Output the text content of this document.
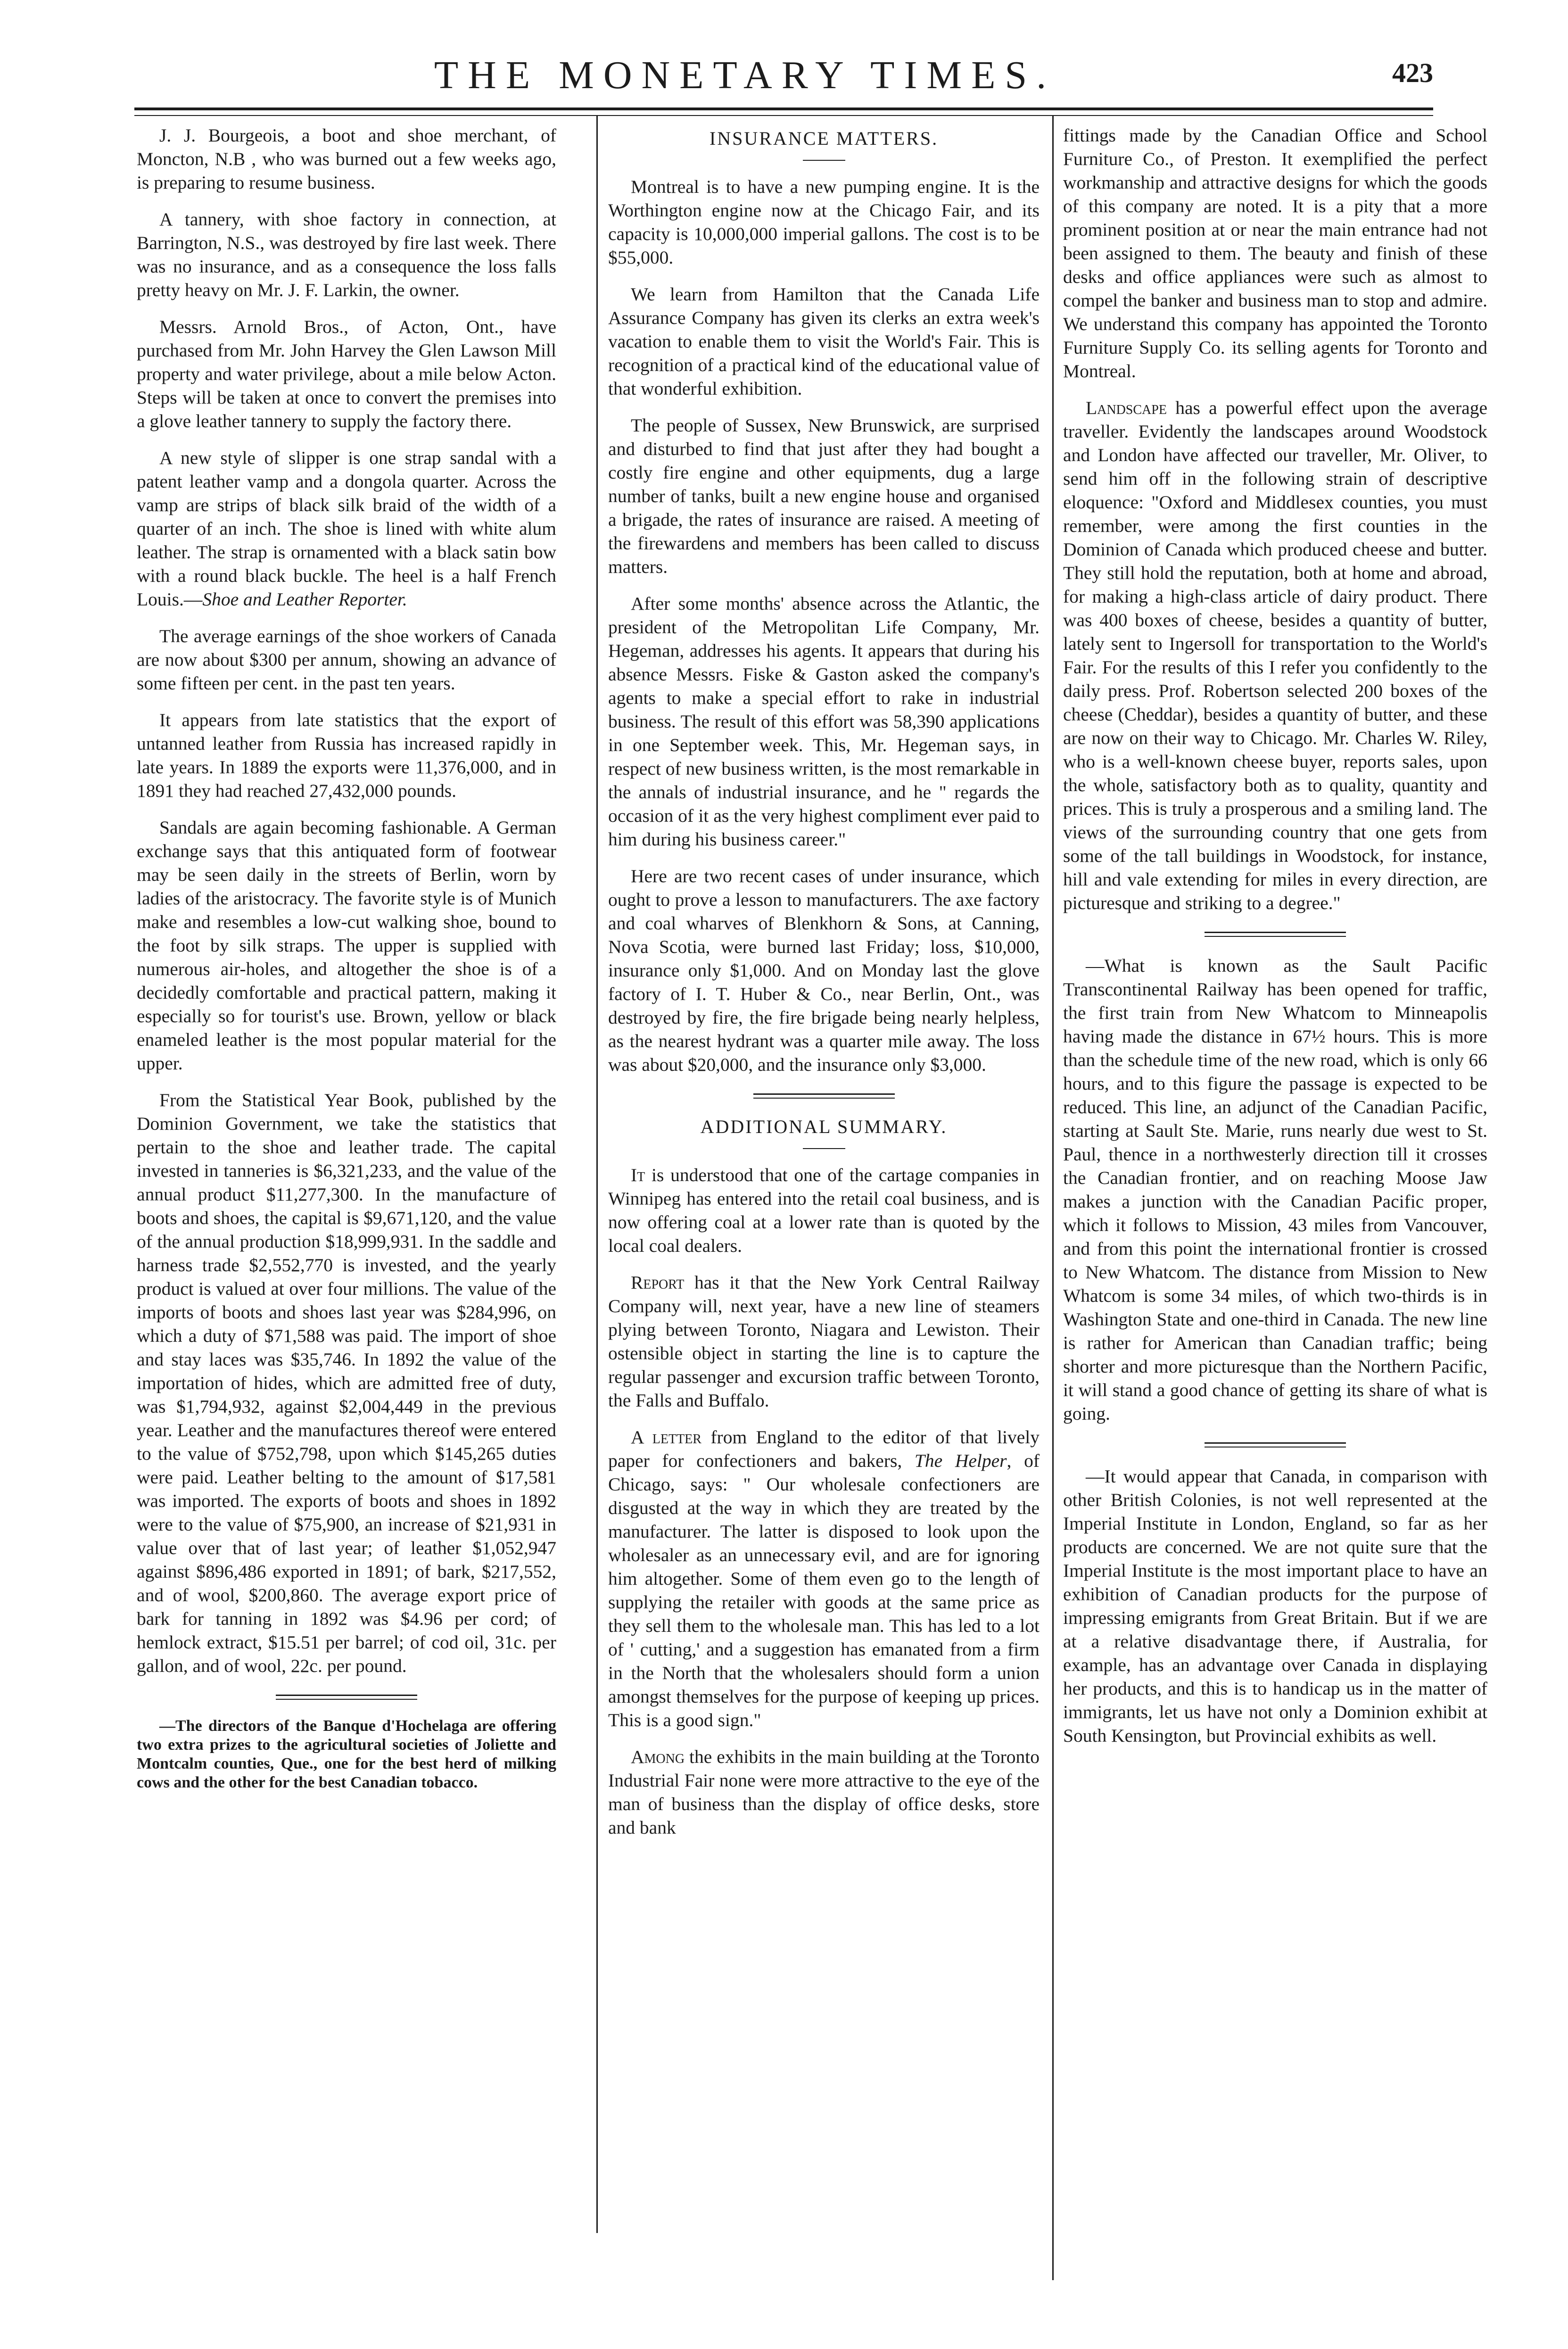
THE MONETARY TIMES.	423

J. J. Bourgeois, a boot and shoe merchant, of Moncton, N.B , who was burned out a few weeks ago, is preparing to resume business.

A tannery, with shoe factory in connection, at Barrington, N.S., was destroyed by fire last week. There was no insurance, and as a consequence the loss falls pretty heavy on Mr. J. F. Larkin, the owner.

Messrs. Arnold Bros., of Acton, Ont., have purchased from Mr. John Harvey the Glen Lawson Mill property and water privilege, about a mile below Acton. Steps will be taken at once to convert the premises into a glove leather tannery to supply the factory there.

A new style of slipper is one strap sandal with a patent leather vamp and a dongola quarter. Across the vamp are strips of black silk braid of the width of a quarter of an inch. The shoe is lined with white alum leather. The strap is ornamented with a black satin bow with a round black buckle. The heel is a half French Louis.—Shoe and Leather Reporter.

The average earnings of the shoe workers of Canada are now about $300 per annum, showing an advance of some fifteen per cent. in the past ten years.

It appears from late statistics that the export of untanned leather from Russia has increased rapidly in late years. In 1889 the exports were 11,376,000, and in 1891 they had reached 27,432,000 pounds.

Sandals are again becoming fashionable. A German exchange says that this antiquated form of footwear may be seen daily in the streets of Berlin, worn by ladies of the aristocracy. The favorite style is of Munich make and resembles a low-cut walking shoe, bound to the foot by silk straps. The upper is supplied with numerous air-holes, and altogether the shoe is of a decidedly comfortable and practical pattern, making it especially so for tourist's use. Brown, yellow or black enameled leather is the most popular material for the upper.

From the Statistical Year Book, published by the Dominion Government, we take the statistics that pertain to the shoe and leather trade. The capital invested in tanneries is $6,321,233, and the value of the annual product $11,277,300. In the manufacture of boots and shoes, the capital is $9,671,120, and the value of the annual production $18,999,931. In the saddle and harness trade $2,552,770 is invested, and the yearly product is valued at over four millions. The value of the imports of boots and shoes last year was $284,996, on which a duty of $71,588 was paid. The import of shoe and stay laces was $35,746. In 1892 the value of the importation of hides, which are admitted free of duty, was $1,794,932, against $2,004,449 in the previous year. Leather and the manufactures thereof were entered to the value of $752,798, upon which $145,265 duties were paid. Leather belting to the amount of $17,581 was imported. The exports of boots and shoes in 1892 were to the value of $75,900, an increase of $21,931 in value over that of last year; of leather $1,052,947 against $896,486 exported in 1891; of bark, $217,552, and of wool, $200,860. The average export price of bark for tanning in 1892 was $4.96 per cord; of hemlock extract, $15.51 per barrel; of cod oil, 31c. per gallon, and of wool, 22c. per pound.

—The directors of the Banque d'Hochelaga are offering two extra prizes to the agricultural societies of Joliette and Montcalm counties, Que., one for the best herd of milking cows and the other for the best Canadian tobacco.

INSURANCE MATTERS.

Montreal is to have a new pumping engine. It is the Worthington engine now at the Chicago Fair, and its capacity is 10,000,000 imperial gallons. The cost is to be $55,000.

We learn from Hamilton that the Canada Life Assurance Company has given its clerks an extra week's vacation to enable them to visit the World's Fair. This is recognition of a practical kind of the educational value of that wonderful exhibition.

The people of Sussex, New Brunswick, are surprised and disturbed to find that just after they had bought a costly fire engine and other equipments, dug a large number of tanks, built a new engine house and organised a brigade, the rates of insurance are raised. A meeting of the firewardens and members has been called to discuss matters.

After some months' absence across the Atlantic, the president of the Metropolitan Life Company, Mr. Hegeman, addresses his agents. It appears that during his absence Messrs. Fiske & Gaston asked the company's agents to make a special effort to rake in industrial business. The result of this effort was 58,390 applications in one September week. This, Mr. Hegeman says, in respect of new business written, is the most remarkable in the annals of industrial insurance, and he " regards the occasion of it as the very highest compliment ever paid to him during his business career."

Here are two recent cases of under insurance, which ought to prove a lesson to manufacturers. The axe factory and coal wharves of Blenkhorn & Sons, at Canning, Nova Scotia, were burned last Friday; loss, $10,000, insurance only $1,000. And on Monday last the glove factory of I. T. Huber & Co., near Berlin, Ont., was destroyed by fire, the fire brigade being nearly helpless, as the nearest hydrant was a quarter mile away. The loss was about $20,000, and the insurance only $3,000.

ADDITIONAL SUMMARY.

It is understood that one of the cartage companies in Winnipeg has entered into the retail coal business, and is now offering coal at a lower rate than is quoted by the local coal dealers.

Report has it that the New York Central Railway Company will, next year, have a new line of steamers plying between Toronto, Niagara and Lewiston. Their ostensible object in starting the line is to capture the regular passenger and excursion traffic between Toronto, the Falls and Buffalo.

A letter from England to the editor of that lively paper for confectioners and bakers, The Helper, of Chicago, says: " Our wholesale confectioners are disgusted at the way in which they are treated by the manufacturer. The latter is disposed to look upon the wholesaler as an unnecessary evil, and are for ignoring him altogether. Some of them even go to the length of supplying the retailer with goods at the same price as they sell them to the wholesale man. This has led to a lot of ' cutting,' and a suggestion has emanated from a firm in the North that the wholesalers should form a union amongst themselves for the purpose of keeping up prices. This is a good sign."

Among the exhibits in the main building at the Toronto Industrial Fair none were more attractive to the eye of the man of business than the display of office desks, store and bank

fittings made by the Canadian Office and School Furniture Co., of Preston. It exemplified the perfect workmanship and attractive designs for which the goods of this company are noted. It is a pity that a more prominent position at or near the main entrance had not been assigned to them. The beauty and finish of these desks and office appliances were such as almost to compel the banker and business man to stop and admire. We understand this company has appointed the Toronto Furniture Supply Co. its selling agents for Toronto and Montreal.

Landscape has a powerful effect upon the average traveller. Evidently the landscapes around Woodstock and London have affected our traveller, Mr. Oliver, to send him off in the following strain of descriptive eloquence: "Oxford and Middlesex counties, you must remember, were among the first counties in the Dominion of Canada which produced cheese and butter. They still hold the reputation, both at home and abroad, for making a high-class article of dairy product. There was 400 boxes of cheese, besides a quantity of butter, lately sent to Ingersoll for transportation to the World's Fair. For the results of this I refer you confidently to the daily press. Prof. Robertson selected 200 boxes of the cheese (Cheddar), besides a quantity of butter, and these are now on their way to Chicago. Mr. Charles W. Riley, who is a well-known cheese buyer, reports sales, upon the whole, satisfactory both as to quality, quantity and prices. This is truly a prosperous and a smiling land. The views of the surrounding country that one gets from some of the tall buildings in Woodstock, for instance, hill and vale extending for miles in every direction, are picturesque and striking to a degree."

—What is known as the Sault Pacific Transcontinental Railway has been opened for traffic, the first train from New Whatcom to Minneapolis having made the distance in 67½ hours. This is more than the schedule time of the new road, which is only 66 hours, and to this figure the passage is expected to be reduced. This line, an adjunct of the Canadian Pacific, starting at Sault Ste. Marie, runs nearly due west to St. Paul, thence in a northwesterly direction till it crosses the Canadian frontier, and on reaching Moose Jaw makes a junction with the Canadian Pacific proper, which it follows to Mission, 43 miles from Vancouver, and from this point the international frontier is crossed to New Whatcom. The distance from Mission to New Whatcom is some 34 miles, of which two-thirds is in Washington State and one-third in Canada. The new line is rather for American than Canadian traffic; being shorter and more picturesque than the Northern Pacific, it will stand a good chance of getting its share of what is going.

—It would appear that Canada, in comparison with other British Colonies, is not well represented at the Imperial Institute in London, England, so far as her products are concerned. We are not quite sure that the Imperial Institute is the most important place to have an exhibition of Canadian products for the purpose of impressing emigrants from Great Britain. But if we are at a relative disadvantage there, if Australia, for example, has an advantage over Canada in displaying her products, and this is to handicap us in the matter of immigrants, let us have not only a Dominion exhibit at South Kensington, but Provincial exhibits as well.
